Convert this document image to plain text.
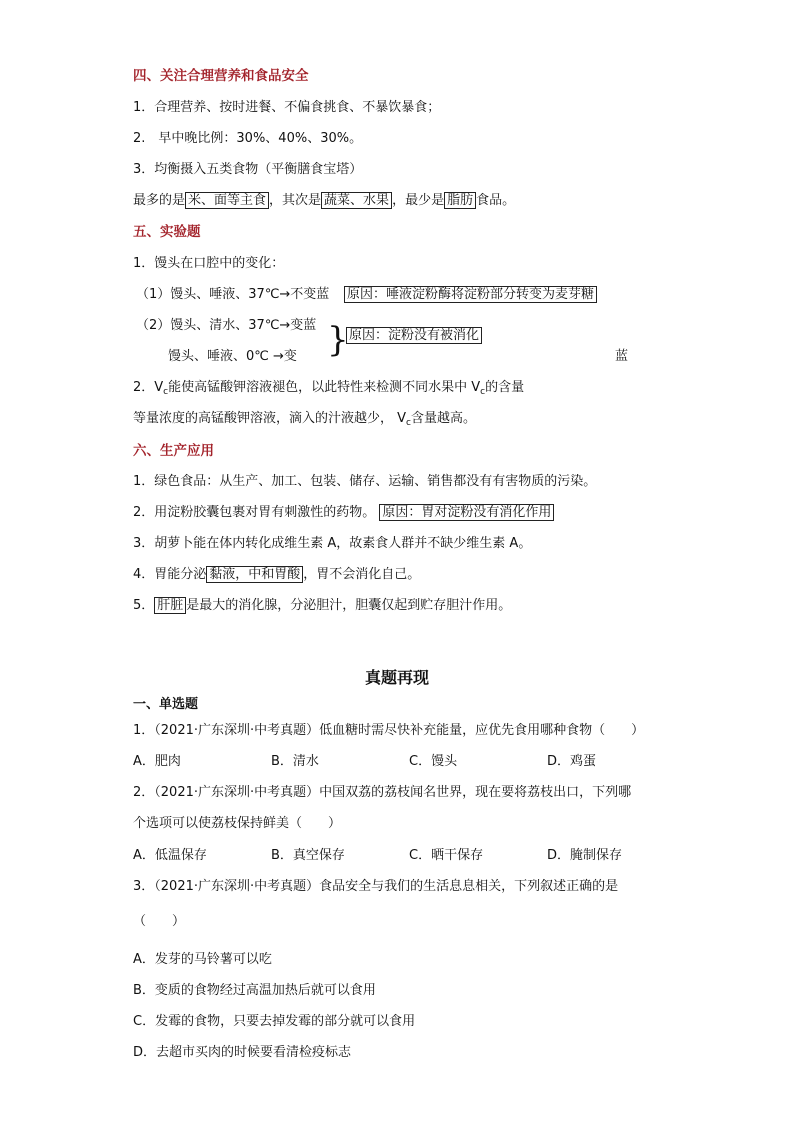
四、关注合理营养和食品安全
1．合理营养、按时进餐、不偏食挑食、不暴饮暴食；
2.　早中晚比例：30%、40%、30%。
3．均衡摄入五类食物（平衡膳食宝塔）
最多的是 米、面等主食 ，其次是 蔬菜、水果 ，最少是 脂肪 食品。
五、实验题
1．馒头在口腔中的变化：
（1）馒头、唾液、37℃→不变蓝 原因：唾液淀粉酶将淀粉部分转变为麦芽糖
（2）馒头、清水、37℃→变蓝 } 原因：淀粉没有被消化
馒头、唾液、0℃ →变	蓝
2．$V_c$能使高锰酸钾溶液褪色，以此特性来检测不同水果中 $V_c$的含量
等量浓度的高锰酸钾溶液，滴入的汁液越少， $V_c$含量越高。
六、生产应用
1．绿色食品：从生产、加工、包装、储存、运输、销售都没有有害物质的污染。
2．用淀粉胶囊包裹对胃有刺激性的药物。 原因：胃对淀粉没有消化作用
3．胡萝卜能在体内转化成维生素 A，故素食人群并不缺少维生素 A。
4．胃能分泌 黏液，中和胃酸 ，胃不会消化自己。
5． 肝脏 是最大的消化腺，分泌胆汁，胆囊仅起到贮存胆汁作用。
真题再现
一、单选题
1．（2021·广东深圳·中考真题）低血糖时需尽快补充能量，应优先食用哪种食物（　　）
A．肥肉	B．清水	C．馒头	D．鸡蛋
2．（2021·广东深圳·中考真题）中国双荔的荔枝闻名世界，现在要将荔枝出口，下列哪
个选项可以使荔枝保持鲜美（　　）
A．低温保存	B．真空保存	C．晒干保存	D．腌制保存
3．（2021·广东深圳·中考真题）食品安全与我们的生活息息相关，下列叙述正确的是
（　　）
A．发芽的马铃薯可以吃
B．变质的食物经过高温加热后就可以食用
C．发霉的食物，只要去掉发霉的部分就可以食用
D．去超市买肉的时候要看清检疫标志
